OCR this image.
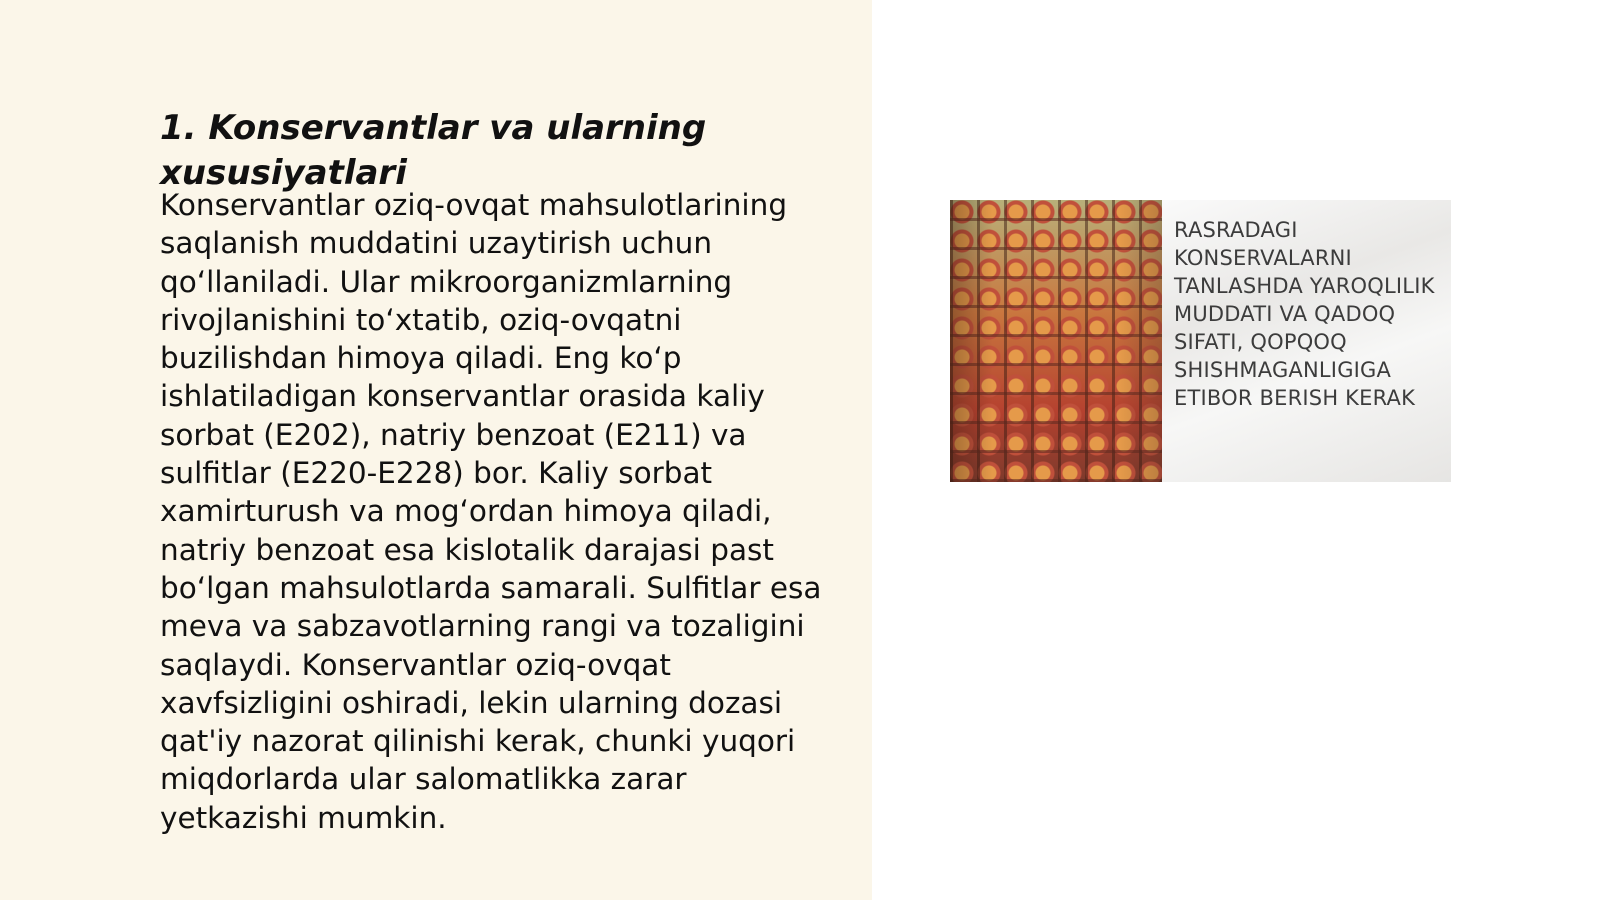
1. Konservantlar va ularning xususiyatlari

Konservantlar oziq-ovqat mahsulotlarining saqlanish muddatini uzaytirish uchun qo‘llaniladi. Ular mikroorganizmlarning rivojlanishini to‘xtatib, oziq-ovqatni buzilishdan himoya qiladi. Eng ko‘p ishlatiladigan konservantlar orasida kaliy sorbat (E202), natriy benzoat (E211) va sulfitlar (E220-E228) bor. Kaliy sorbat xamirturush va mog‘ordan himoya qiladi, natriy benzoat esa kislotalik darajasi past bo‘lgan mahsulotlarda samarali. Sulfitlar esa meva va sabzavotlarning rangi va tozaligini saqlaydi. Konservantlar oziq-ovqat xavfsizligini oshiradi, lekin ularning dozasi qat'iy nazorat qilinishi kerak, chunki yuqori miqdorlarda ular salomatlikka zarar yetkazishi mumkin.

RASRADAGI KONSERVALARNI TANLASHDA YAROQLILIK MUDDATI VA QADOQ SIFATI, QOPQOQ SHISHMAGANLIGIGA ETIBOR BERISH KERAK
